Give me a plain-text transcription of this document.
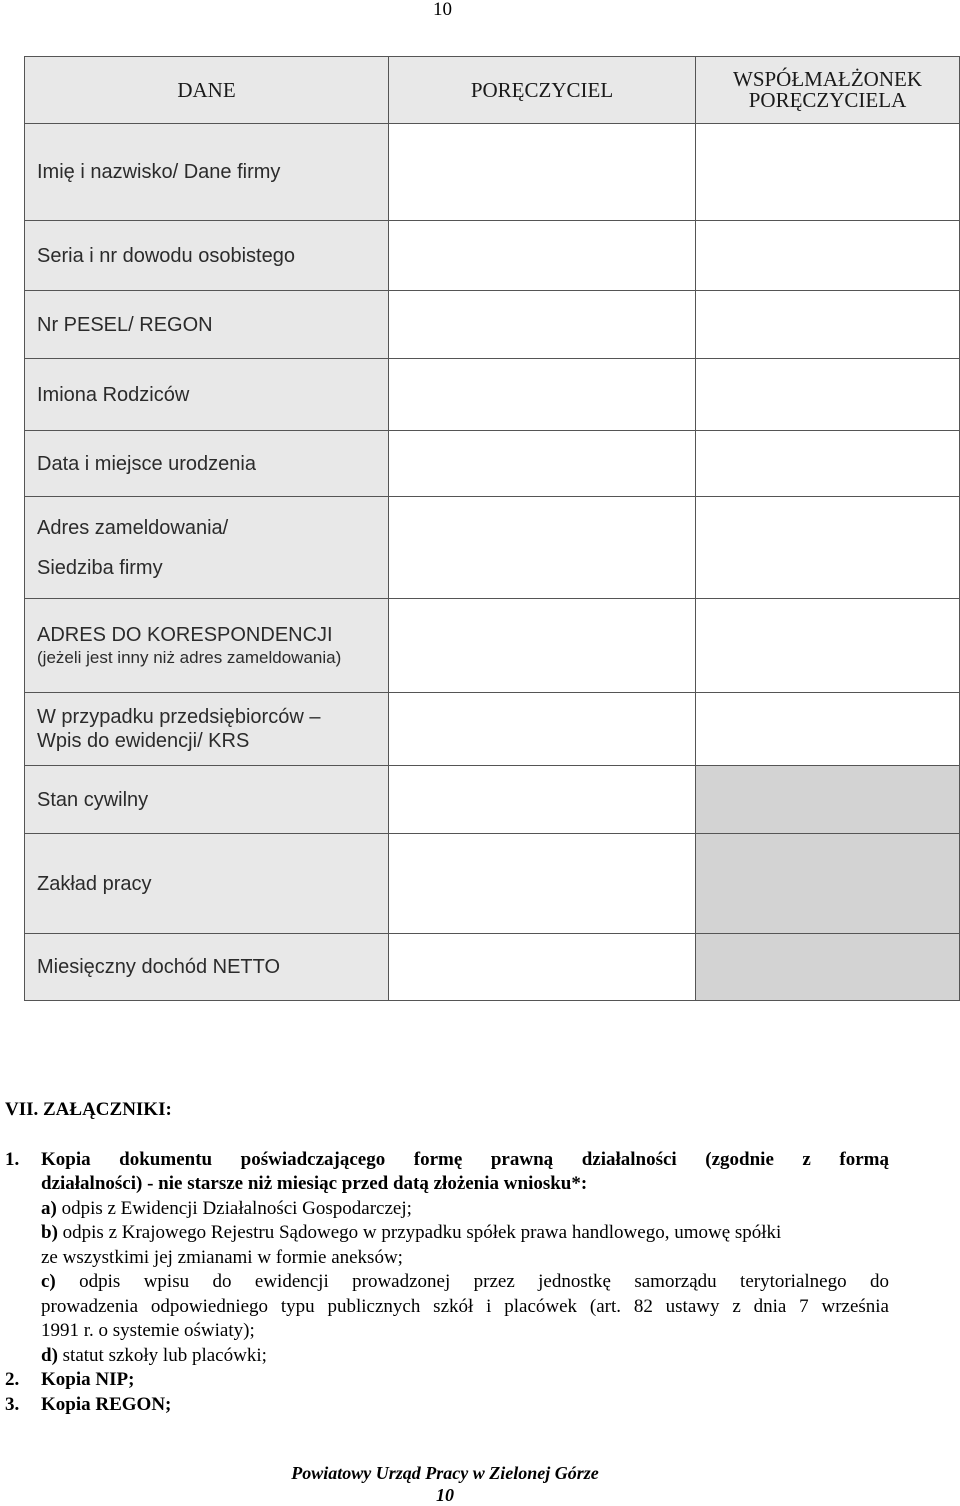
10
DANE	PORĘCZYCIEL	WSPÓŁMAŁŻONEK PORĘCZYCIELA
Imię i nazwisko/ Dane firmy		
Seria i nr dowodu osobistego		
Nr PESEL/ REGON		
Imiona Rodziców		
Data i miejsce urodzenia		

Adres zameldowania/
Siedziba firmy		

ADRES DO KORESPONDENCJI
(jeżeli jest inny niż adres zameldowania)		

W przypadku przedsiębiorców –
Wpis do ewidencji/ KRS		

Stan cywilny		
Zakład pracy		
Miesięczny dochód NETTO		
VII. ZAŁĄCZNIKI:
1. Kopia dokumentu poświadczającego formę prawną działalności (zgodnie z formą
działalności) - nie starsze niż miesiąc przed datą złożenia wniosku*:
a) odpis z Ewidencji Działalności Gospodarczej;
b) odpis z Krajowego Rejestru Sądowego w przypadku spółek prawa handlowego, umowę spółki
ze wszystkimi jej zmianami w formie aneksów;
c) odpis wpisu do ewidencji prowadzonej przez jednostkę samorządu terytorialnego do
prowadzenia odpowiedniego typu publicznych szkół i placówek (art. 82 ustawy z dnia 7 września
1991 r. o systemie oświaty);
d) statut szkoły lub placówki;
2. Kopia NIP;
3. Kopia REGON;
Powiatowy Urząd Pracy w Zielonej Górze
10
